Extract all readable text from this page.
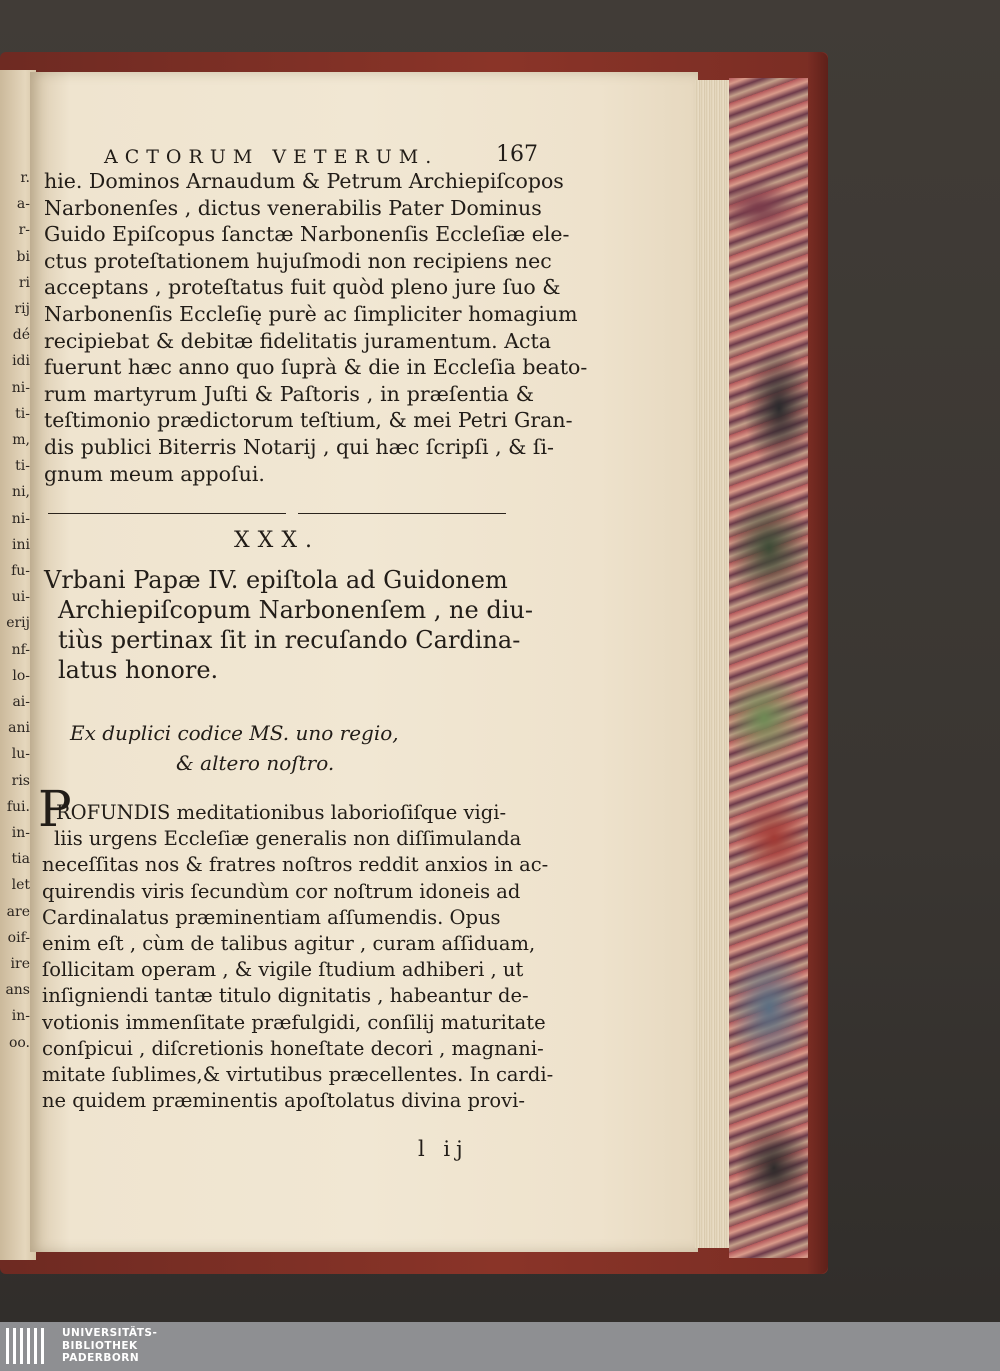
r.
a-
r-
bi
ri
rij
dé
idi
ni-
ti-
m,
ti-
ni,
ni-
ini
fu-
ui-
erij
nf-
lo-
ai-
ani
lu-
ris
fui.
in-
tia
let
are
oif-
ire
ans
in-
oo.
ACTORUM VETERUM.	167
hie. Dominos Arnaudum & Petrum Archiepiſcopos
Narbonenſes , dictus venerabilis Pater Dominus
Guido Epiſcopus ſanctæ Narbonenſis Eccleſiæ ele-
ctus proteſtationem hujuſmodi non recipiens nec
acceptans , proteſtatus fuit quòd pleno jure ſuo &
Narbonenſis Eccleſię purè ac ſimpliciter homagium
recipiebat & debitæ fidelitatis juramentum. Acta
fuerunt hæc anno quo ſuprà & die in Eccleſia beato-
rum martyrum Juſti & Paſtoris , in præſentia &
teſtimonio prædictorum teſtium, & mei Petri Gran-
dis publici Biterris Notarij , qui hæc ſcripſi , & ſi-
gnum meum appoſui.
XXX.
Vrbani Papæ IV. epiſtola ad Guidonem
Archiepiſcopum Narbonenſem , ne diu-
tiùs pertinax ſit in recuſando Cardina-
latus honore.
Ex duplici codice MS. uno regio,
& altero noſtro.
P
ROFUNDIS meditationibus laborioſiſque vigi-
liis urgens Eccleſiæ generalis non diſſimulanda
neceſſitas nos & fratres noſtros reddit anxios in ac-
quirendis viris ſecundùm cor noſtrum idoneis ad
Cardinalatus præminentiam aſſumendis. Opus
enim eſt , cùm de talibus agitur , curam aſſiduam,
ſollicitam operam , & vigile ſtudium adhiberi , ut
inſigniendi tantæ titulo dignitatis , habeantur de-
votionis immenſitate præfulgidi, conſilij maturitate
conſpicui , diſcretionis honeſtate decori , magnani-
mitate ſublimes,& virtutibus præcellentes. In cardi-
ne quidem præminentis apoſtolatus divina provi-
l ij
UNIVERSITÄTS-
BIBLIOTHEK
PADERBORN
